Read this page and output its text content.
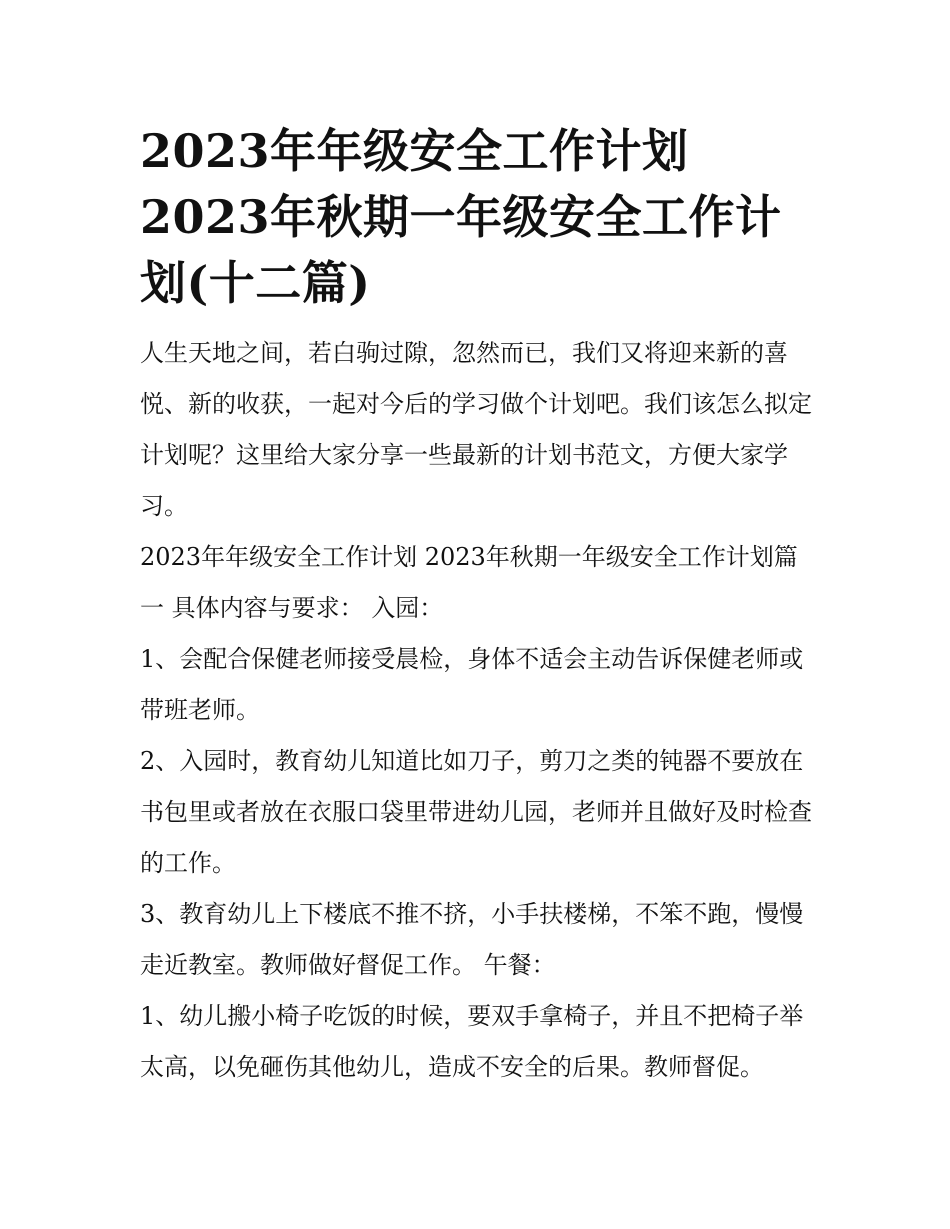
2023年年级安全工作计划 2023年秋期一年级安全工作计划(十二篇)

人生天地之间，若白驹过隙，忽然而已，我们又将迎来新的喜悦、新的收获，一起对今后的学习做个计划吧。我们该怎么拟定计划呢？这里给大家分享一些最新的计划书范文，方便大家学习。

2023年年级安全工作计划 2023年秋期一年级安全工作计划篇一 具体内容与要求： 入园：

1、会配合保健老师接受晨检，身体不适会主动告诉保健老师或带班老师。

2、入园时，教育幼儿知道比如刀子，剪刀之类的钝器不要放在书包里或者放在衣服口袋里带进幼儿园，老师并且做好及时检查的工作。

3、教育幼儿上下楼底不推不挤，小手扶楼梯，不笨不跑，慢慢走近教室。教师做好督促工作。 午餐：

1、幼儿搬小椅子吃饭的时候，要双手拿椅子，并且不把椅子举太高，以免砸伤其他幼儿，造成不安全的后果。教师督促。
